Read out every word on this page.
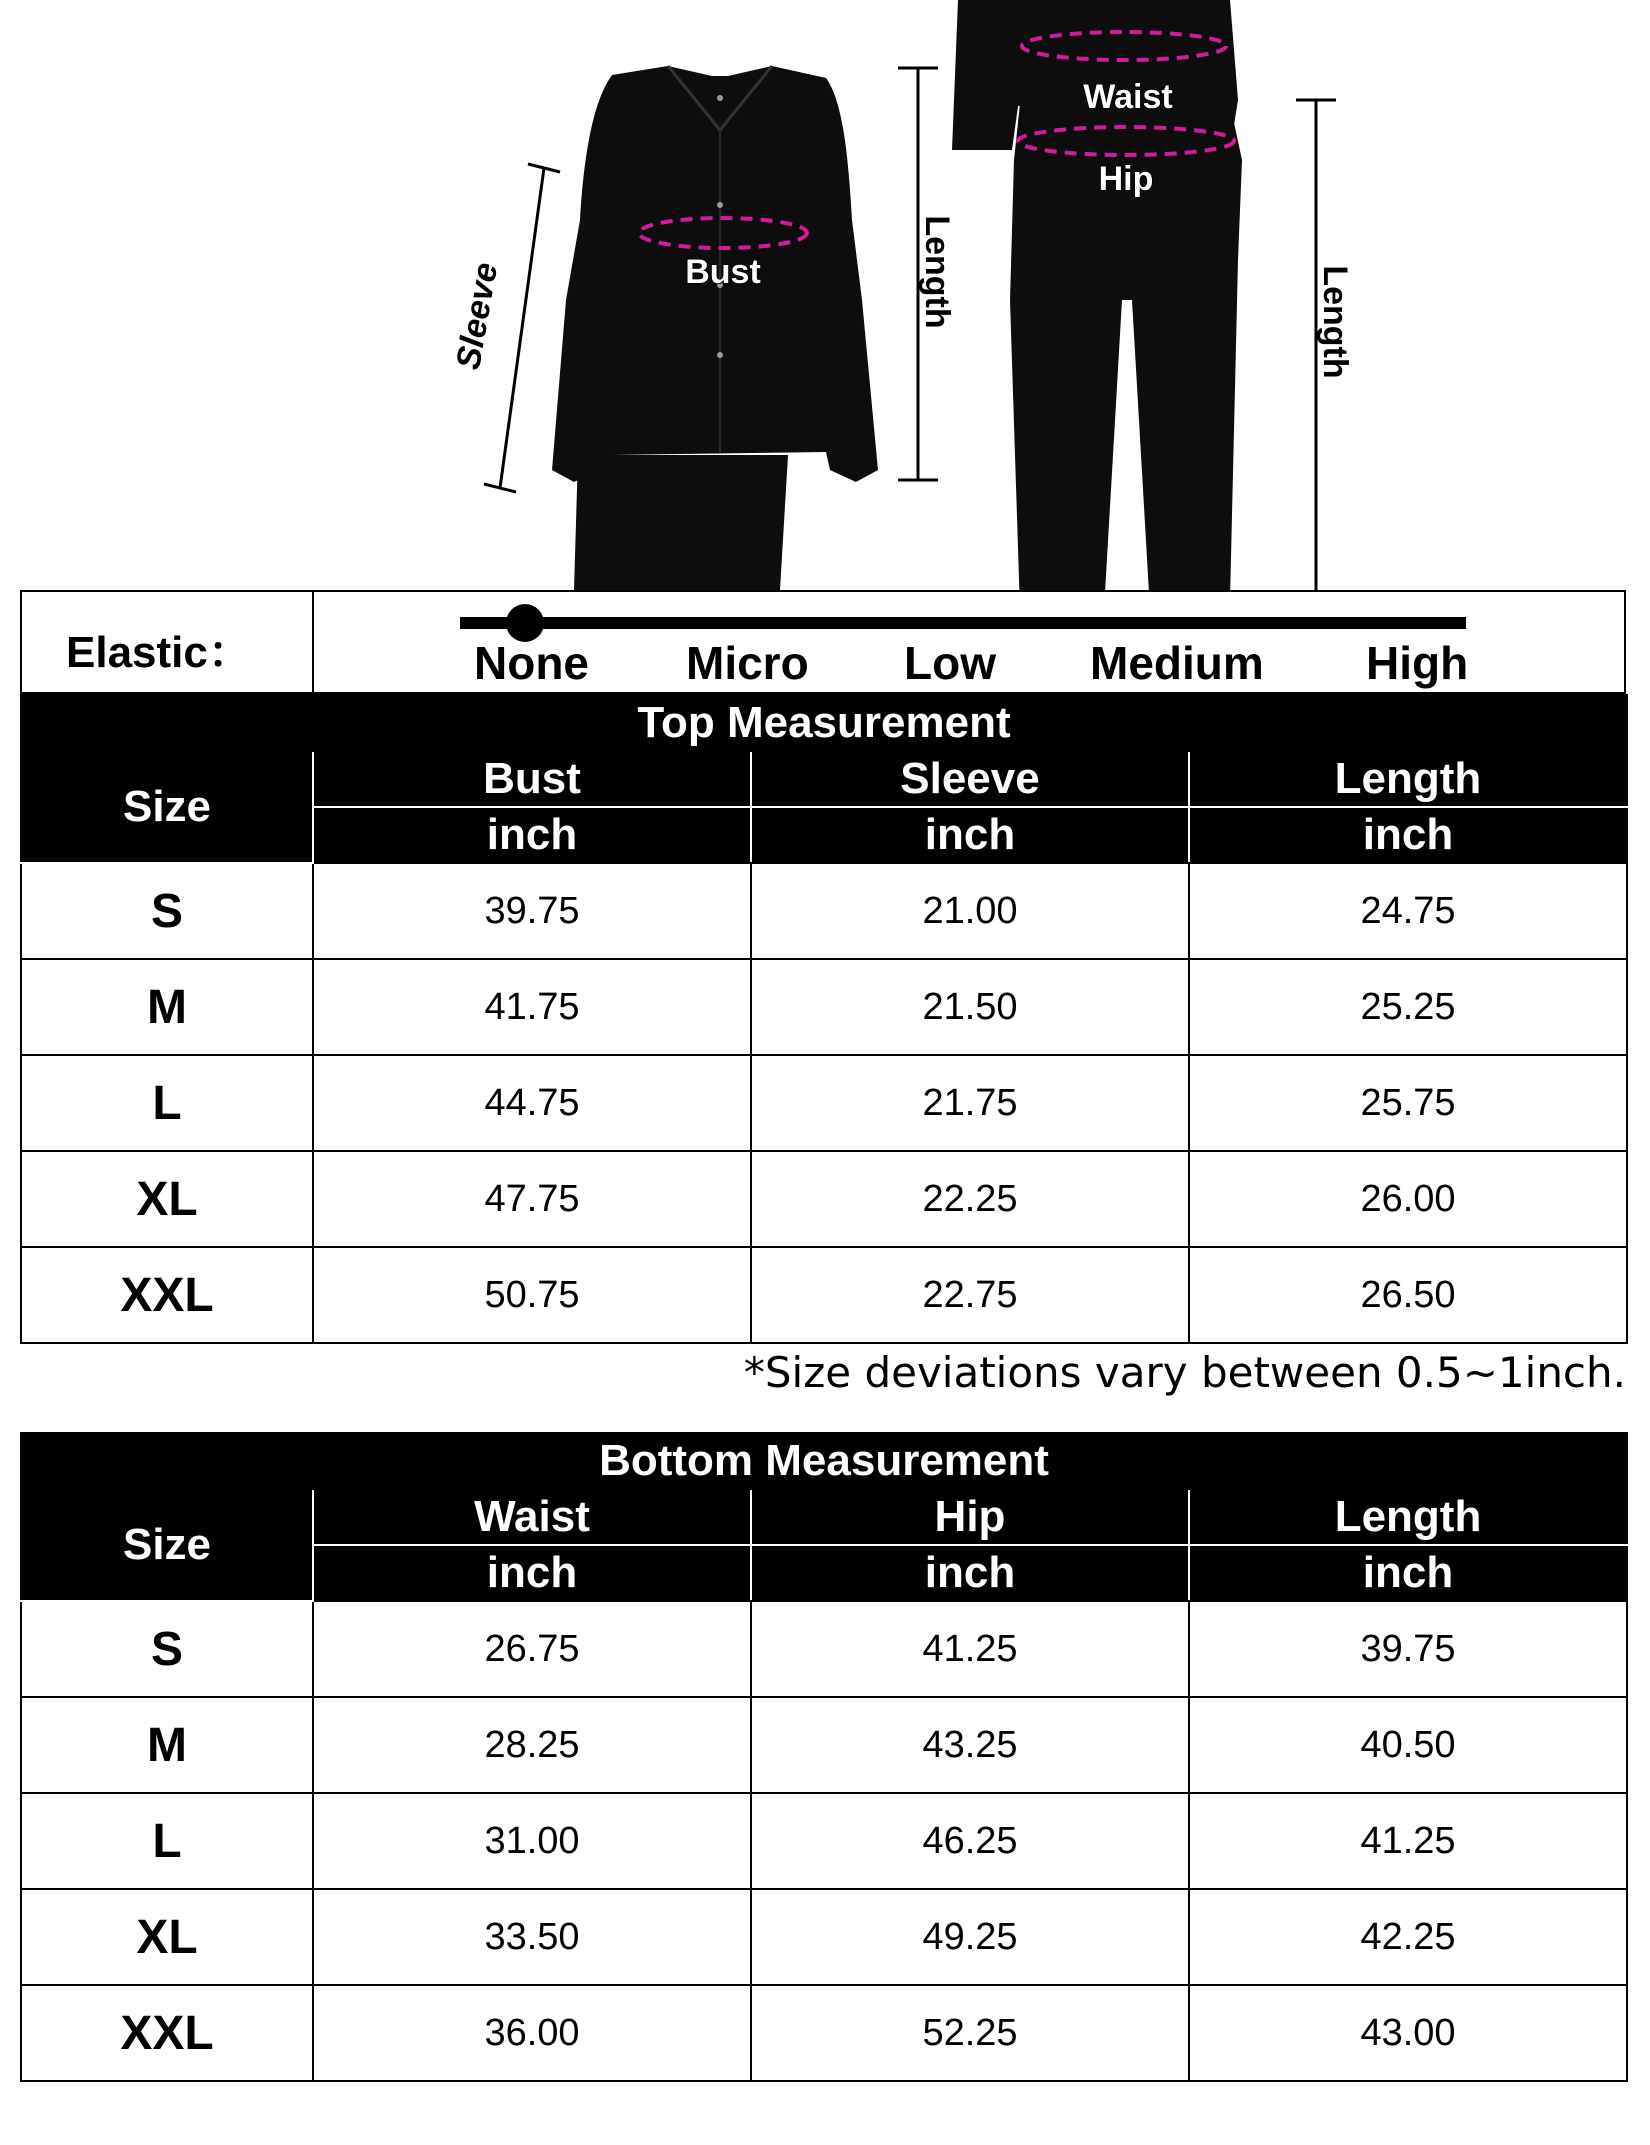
Bust
Sleeve	Length
Waist
Hip
Length
Elastic：	None Micro Low Medium High
Top Measurement			
Size	Bust	Sleeve	Length
	inch	inch	inch
S	39.75	21.00	24.75
M	41.75	21.50	25.25
L	44.75	21.75	25.75
XL	47.75	22.25	26.00
XXL	50.75	22.75	26.50
*Size deviations vary between 0.5~1inch.
Bottom Measurement			
Size	Waist	Hip	Length
	inch	inch	inch
S	26.75	41.25	39.75
M	28.25	43.25	40.50
L	31.00	46.25	41.25
XL	33.50	49.25	42.25
XXL	36.00	52.25	43.00
